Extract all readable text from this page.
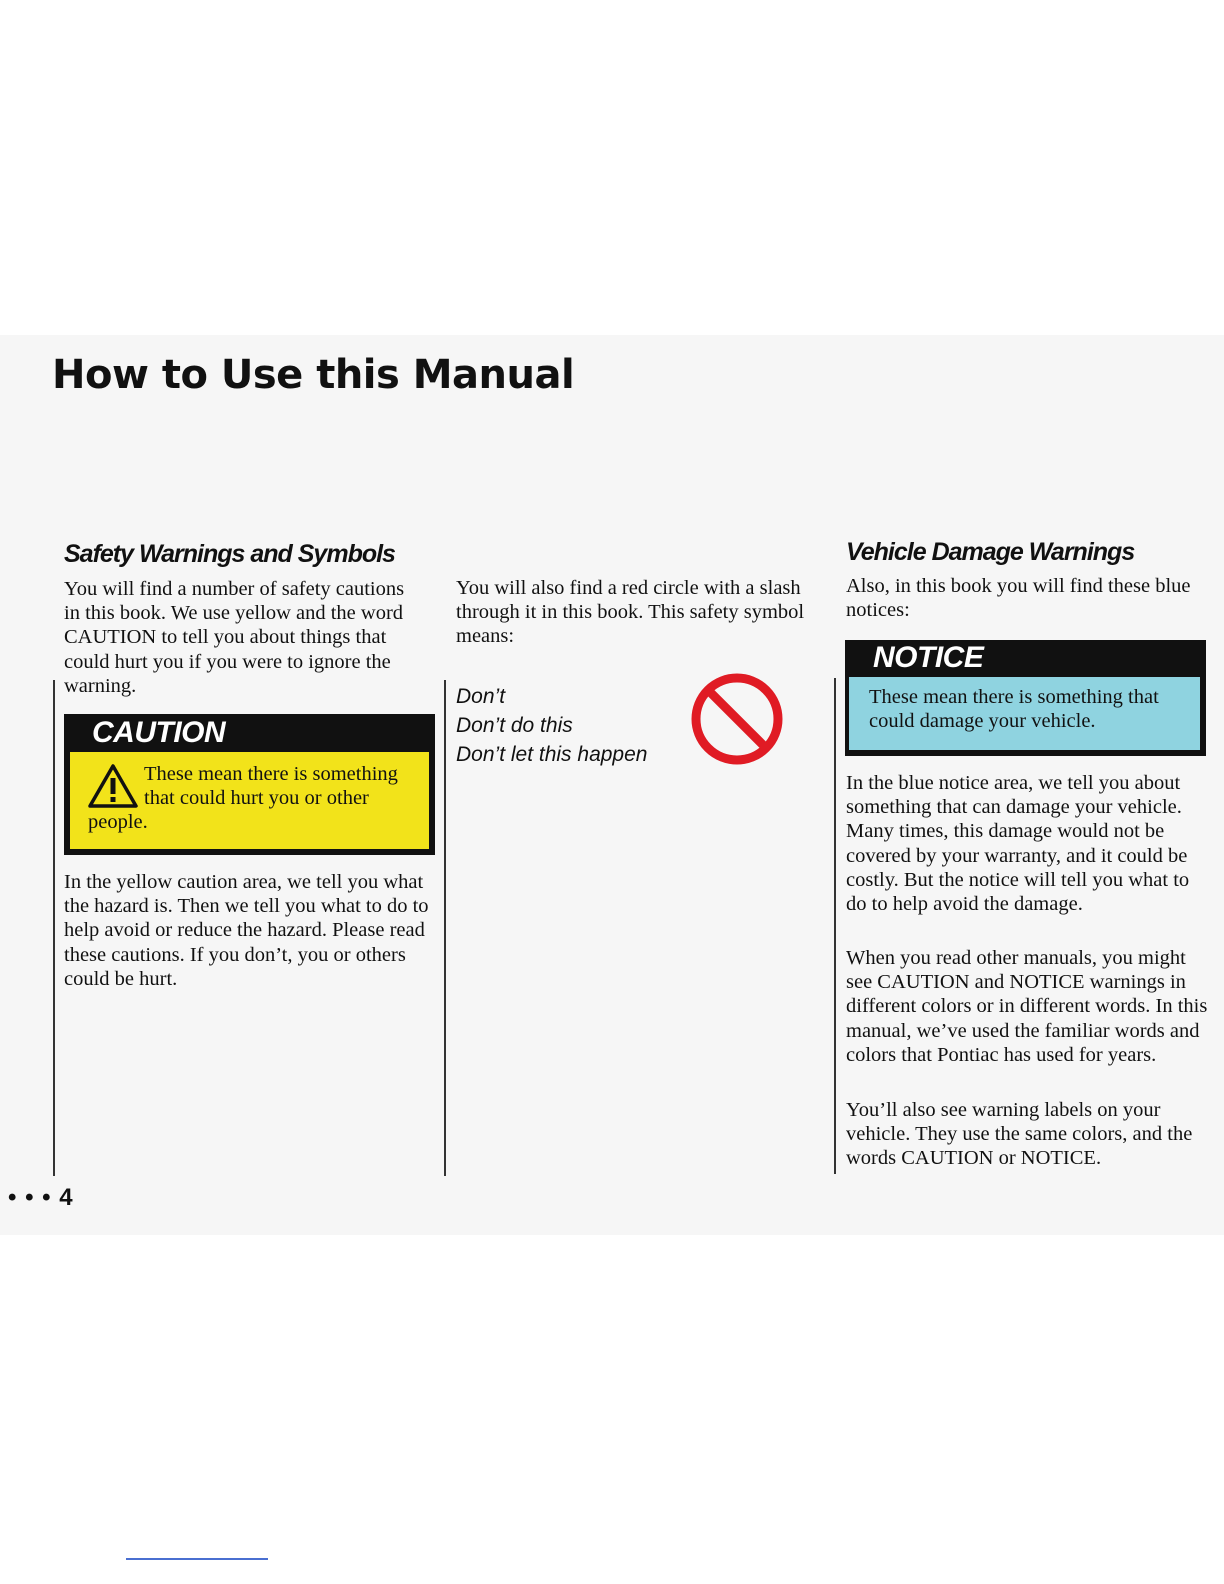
How to Use this Manual
Safety Warnings and Symbols

You will find a number of safety cautions in this book. We use yellow and the word CAUTION to tell you about things that could hurt you if you were to ignore the warning.

CAUTION
These mean there is something that could hurt you or other people.

In the yellow caution area, we tell you what the hazard is. Then we tell you what to do to help avoid or reduce the hazard. Please read these cautions. If you don’t, you or others could be hurt.

You will also find a red circle with a slash through it in this book. This safety symbol means:

Don’t

Don’t do this

Don’t let this happen

Vehicle Damage Warnings

Also, in this book you will find these blue notices:

NOTICE

These mean there is something that could damage your vehicle.

In the blue notice area, we tell you about something that can damage your vehicle. Many times, this damage would not be covered by your warranty, and it could be costly. But the notice will tell you what to do to help avoid the damage.

When you read other manuals, you might see CAUTION and NOTICE warnings in different colors or in different words. In this manual, we’ve used the familiar words and colors that Pontiac has used for years.

You’ll also see warning labels on your vehicle. They use the same colors, and the words CAUTION or NOTICE.

• • • 4
